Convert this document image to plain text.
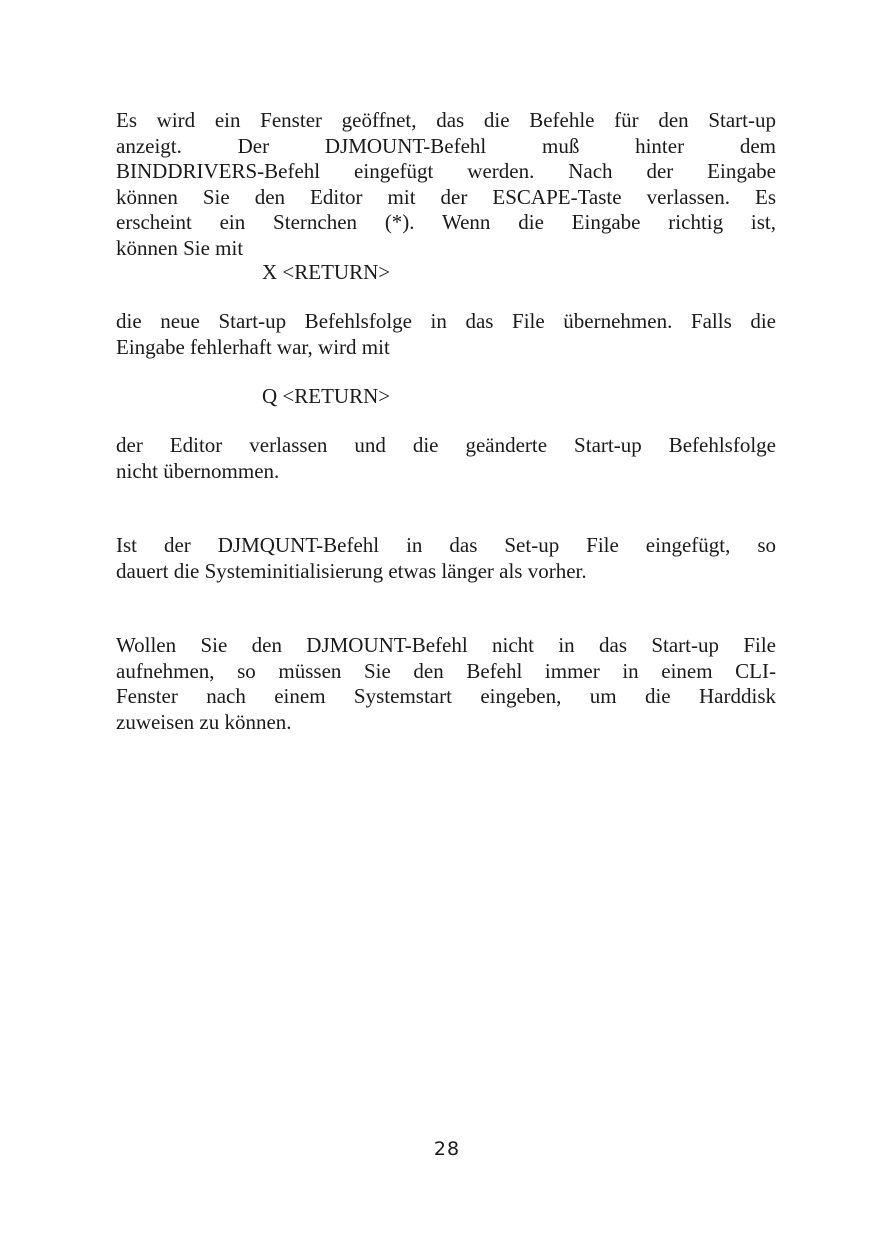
Es wird ein Fenster geöffnet, das die Befehle für den Start-up
anzeigt. Der DJMOUNT-Befehl muß hinter dem
BINDDRIVERS-Befehl eingefügt werden. Nach der Eingabe
können Sie den Editor mit der ESCAPE-Taste verlassen. Es
erscheint ein Sternchen (*). Wenn die Eingabe richtig ist,
können Sie mit

X <RETURN>

die neue Start-up Befehlsfolge in das File übernehmen. Falls die
Eingabe fehlerhaft war, wird mit

Q <RETURN>

der Editor verlassen und die geänderte Start-up Befehlsfolge
nicht übernommen.

Ist der DJMQUNT-Befehl in das Set-up File eingefügt, so
dauert die Systeminitialisierung etwas länger als vorher.

Wollen Sie den DJMOUNT-Befehl nicht in das Start-up File
aufnehmen, so müssen Sie den Befehl immer in einem CLI-
Fenster nach einem Systemstart eingeben, um die Harddisk
zuweisen zu können.

28
